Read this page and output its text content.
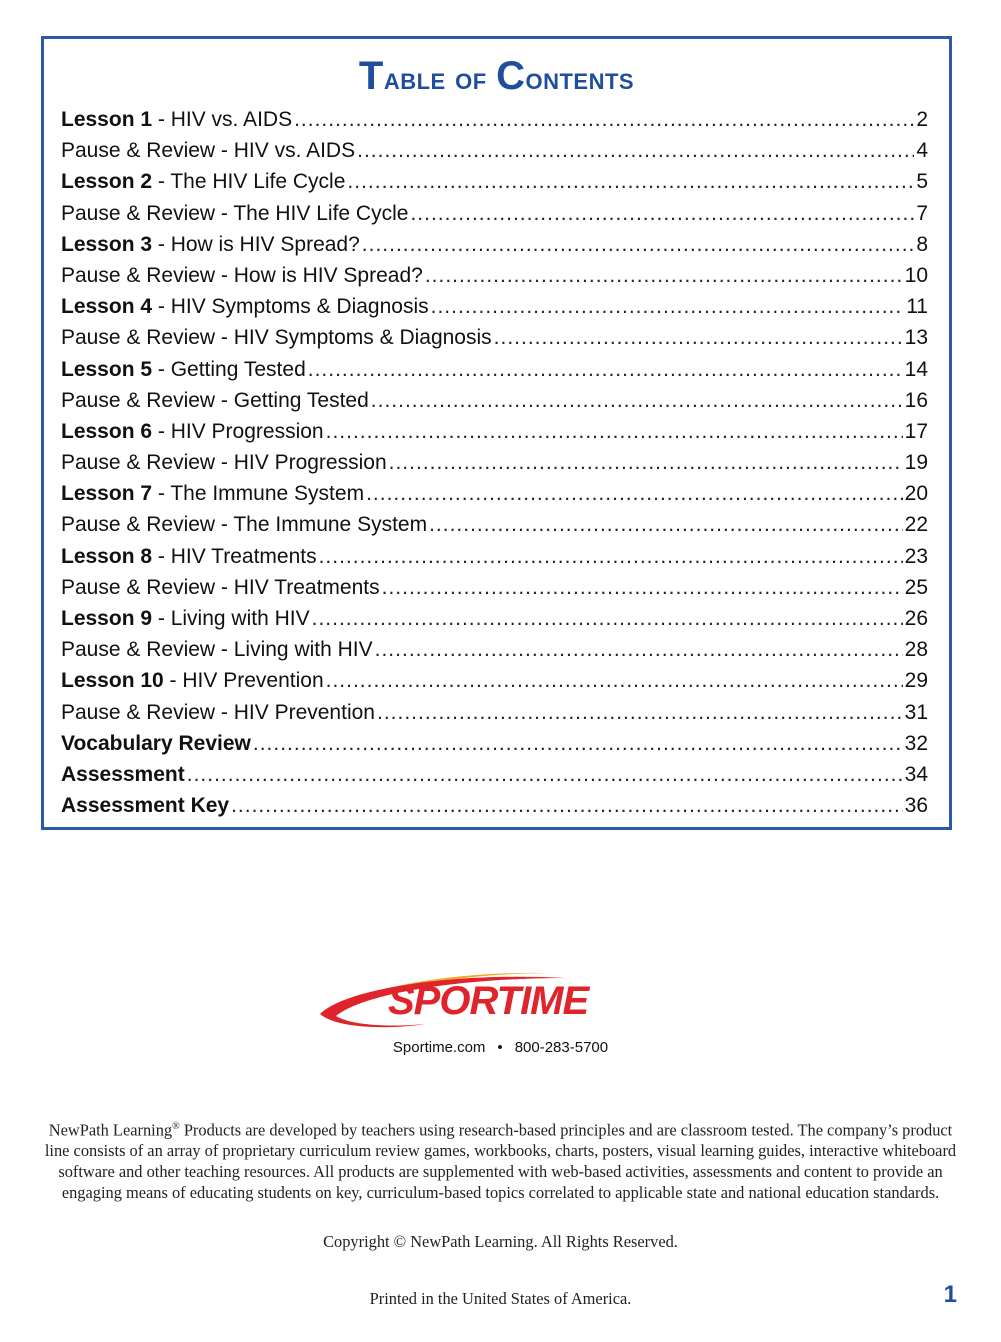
Table of Contents
Lesson 1 - HIV vs. AIDS .....	2
Pause & Review - HIV vs. AIDS .....	4
Lesson 2 - The HIV Life Cycle .....	5
Pause & Review - The HIV Life Cycle .....	7
Lesson 3 - How is HIV Spread? .....	8
Pause & Review - How is HIV Spread? .....	10
Lesson 4 - HIV Symptoms & Diagnosis .....	11
Pause & Review - HIV Symptoms & Diagnosis .....	13
Lesson 5 - Getting Tested .....	14
Pause & Review - Getting Tested .....	16
Lesson 6 - HIV Progression .....	17
Pause & Review - HIV Progression .....	19
Lesson 7 - The Immune System .....	20
Pause & Review - The Immune System .....	22
Lesson 8 - HIV Treatments .....	23
Pause & Review - HIV Treatments .....	25
Lesson 9 - Living with HIV .....	26
Pause & Review - Living with HIV .....	28
Lesson 10 - HIV Prevention .....	29
Pause & Review - HIV Prevention .....	31
Vocabulary Review .....	32
Assessment .....	34
Assessment Key .....	36
SPORTIME
Sportime.com • 800-283-5700
NewPath Learning® Products are developed by teachers using research-based principles and are classroom tested. The company’s product line consists of an array of proprietary curriculum review games, workbooks, charts, posters, visual learning guides, interactive whiteboard software and other teaching resources. All products are supplemented with web-based activities, assessments and content to provide an engaging means of educating students on key, curriculum-based topics correlated to applicable state and national education standards.
Copyright © NewPath Learning. All Rights Reserved.
Printed in the United States of America.	1
